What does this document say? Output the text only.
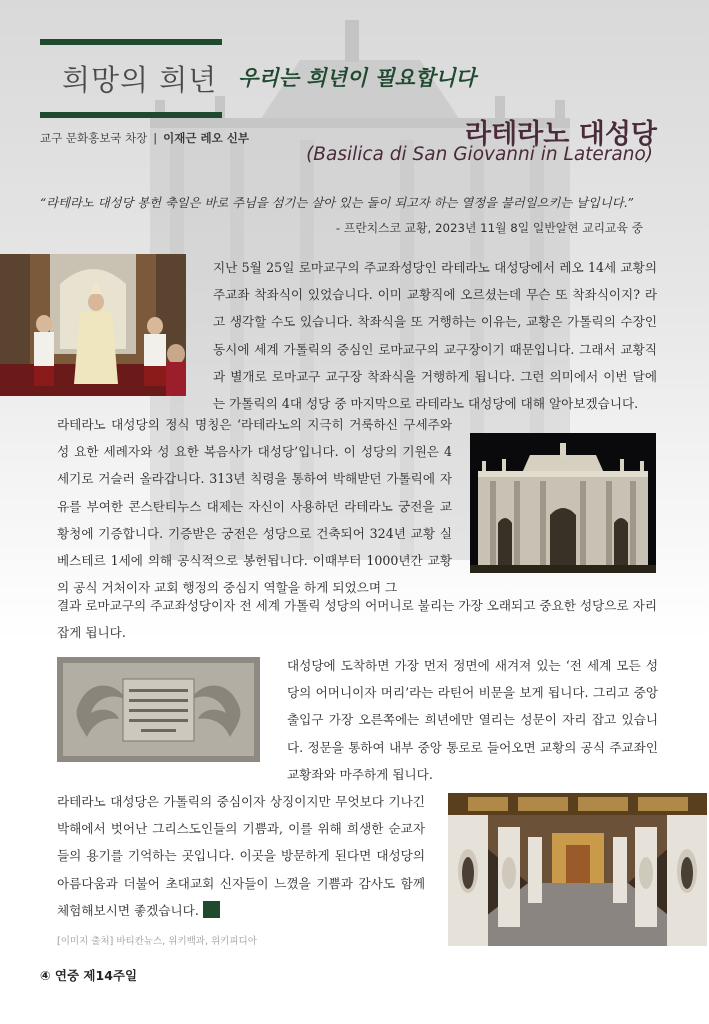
희망의 희년 우리는 희년이 필요합니다
교구 문화홍보국 차장 | 이재근 레오 신부	라테라노 대성당
(Basilica di San Giovanni in Laterano)
“라테라노 대성당 봉헌 축일은 바로 주님을 섬기는 살아 있는 돌이 되고자 하는 열정을 불러일으키는 날입니다.”
- 프란치스코 교황, 2023년 11월 8일 일반알현 교리교육 중
지난 5월 25일 로마교구의 주교좌성당인 라테라노 대성당에서 레오 14세 교황의 주교좌 착좌식이 있었습니다. 이미 교황직에 오르셨는데 무슨 또 착좌식이지? 라고 생각할 수도 있습니다. 착좌식을 또 거행하는 이유는, 교황은 가톨릭의 수장인 동시에 세계 가톨릭의 중심인 로마교구의 교구장이기 때문입니다. 그래서 교황직과 별개로 로마교구 교구장 착좌식을 거행하게 됩니다. 그런 의미에서 이번 달에는 가톨릭의 4대 성당 중 마지막으로 라테라노 대성당에 대해 알아보겠습니다.
라테라노 대성당의 정식 명칭은 ‘라테라노의 지극히 거룩하신 구세주와 성 요한 세례자와 성 요한 복음사가 대성당’입니다. 이 성당의 기원은 4세기로 거슬러 올라갑니다. 313년 칙령을 통하여 박해받던 가톨릭에 자유를 부여한 콘스탄티누스 대제는 자신이 사용하던 라테라노 궁전을 교황청에 기증합니다. 기증받은 궁전은 성당으로 건축되어 324년 교황 실베스테르 1세에 의해 공식적으로 봉헌됩니다. 이때부터 1000년간 교황의 공식 거처이자 교회 행정의 중심지 역할을 하게 되었으며 그
결과 로마교구의 주교좌성당이자 전 세계 가톨릭 성당의 어머니로 불리는 가장 오래되고 중요한 성당으로 자리잡게 됩니다.
대성당에 도착하면 가장 먼저 정면에 새겨져 있는 ‘전 세계 모든 성당의 어머니이자 머리’라는 라틴어 비문을 보게 됩니다. 그리고 중앙 출입구 가장 오른쪽에는 희년에만 열리는 성문이 자리 잡고 있습니다. 정문을 통하여 내부 중앙 통로로 들어오면 교황의 공식 주교좌인 교황좌와 마주하게 됩니다.
라테라노 대성당은 가톨릭의 중심이자 상징이지만 무엇보다 기나긴 박해에서 벗어난 그리스도인들의 기쁨과, 이를 위해 희생한 순교자들의 용기를 기억하는 곳입니다. 이곳을 방문하게 된다면 대성당의 아름다움과 더불어 초대교회 신자들이 느꼈을 기쁨과 감사도 함께 체험해보시면 좋겠습니다.
[이미지 출처] 바티칸뉴스, 위키백과, 위키피디아
④ 연중 제14주일
